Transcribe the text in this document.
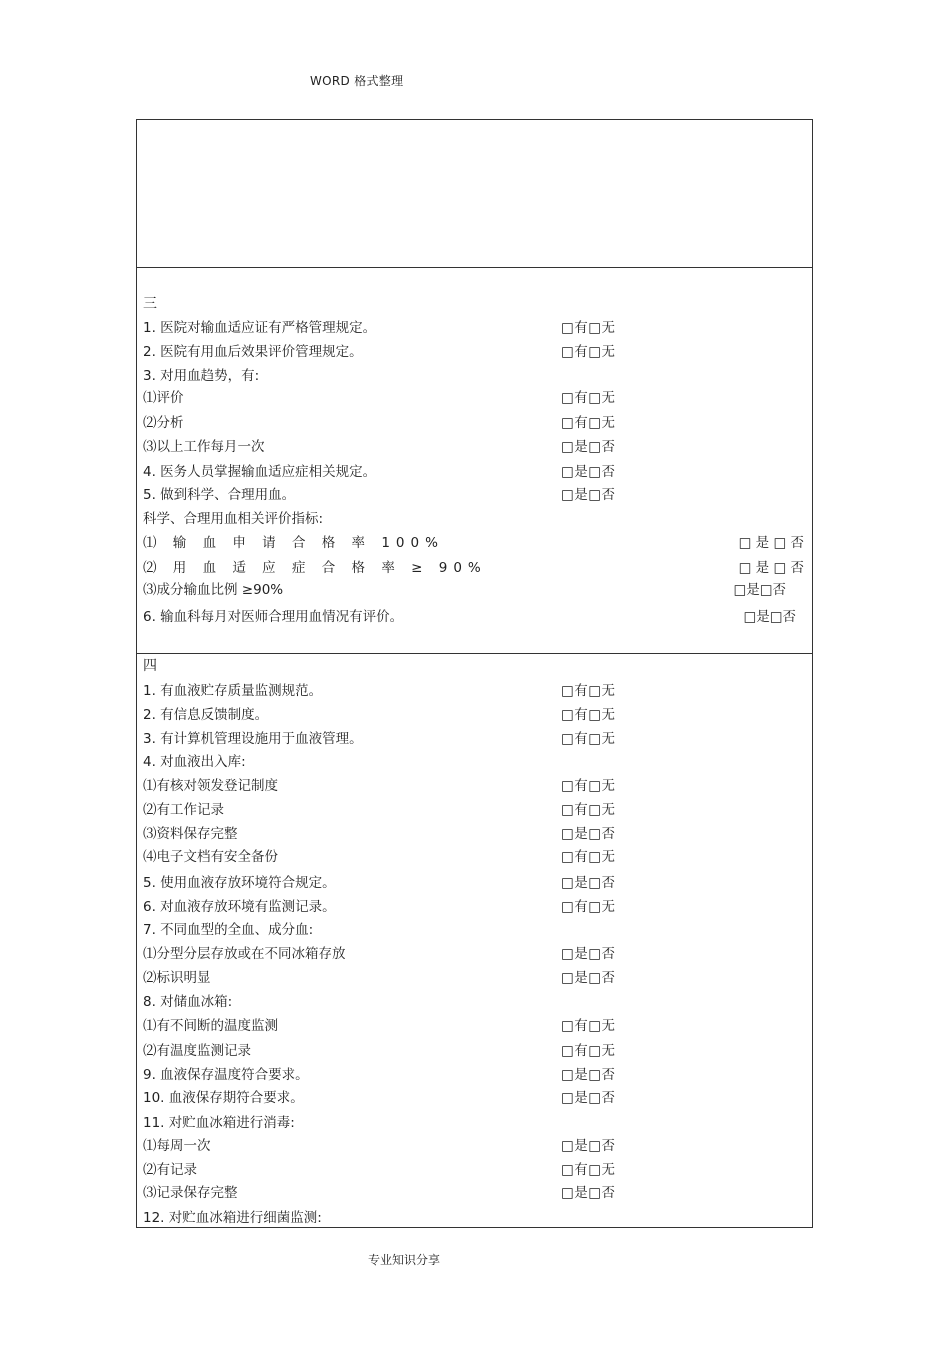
WORD 格式整理
三
1. 医院对输血适应证有严格管理规定。	□有□无
2. 医院有用血后效果评价管理规定。	□有□无
3. 对用血趋势，有:
⑴评价	□有□无
⑵分析	□有□无
⑶以上工作每月一次	□是□否
4. 医务人员掌握输血适应症相关规定。	□是□否
5. 做到科学、合理用血。	□是□否
科学、合理用血相关评价指标:
⑴ 输 血 申 请 合 格 率 100%	□ 是 □ 否
⑵ 用 血 适 应 症 合 格 率 ≥ 90%	□ 是 □ 否
⑶成分输血比例 ≥90%	□是□否
6. 输血科每月对医师合理用血情况有评价。	□是□否
四
1. 有血液贮存质量监测规范。	□有□无
2. 有信息反馈制度。	□有□无
3. 有计算机管理设施用于血液管理。	□有□无
4. 对血液出入库:
⑴有核对领发登记制度	□有□无
⑵有工作记录	□有□无
⑶资料保存完整	□是□否
⑷电子文档有安全备份	□有□无
5. 使用血液存放环境符合规定。	□是□否
6. 对血液存放环境有监测记录。	□有□无
7. 不同血型的全血、成分血:
⑴分型分层存放或在不同冰箱存放	□是□否
⑵标识明显	□是□否
8. 对储血冰箱:
⑴有不间断的温度监测	□有□无
⑵有温度监测记录	□有□无
9. 血液保存温度符合要求。	□是□否
10. 血液保存期符合要求。	□是□否
11. 对贮血冰箱进行消毒:
⑴每周一次	□是□否
⑵有记录	□有□无
⑶记录保存完整	□是□否
12. 对贮血冰箱进行细菌监测:
专业知识分享
